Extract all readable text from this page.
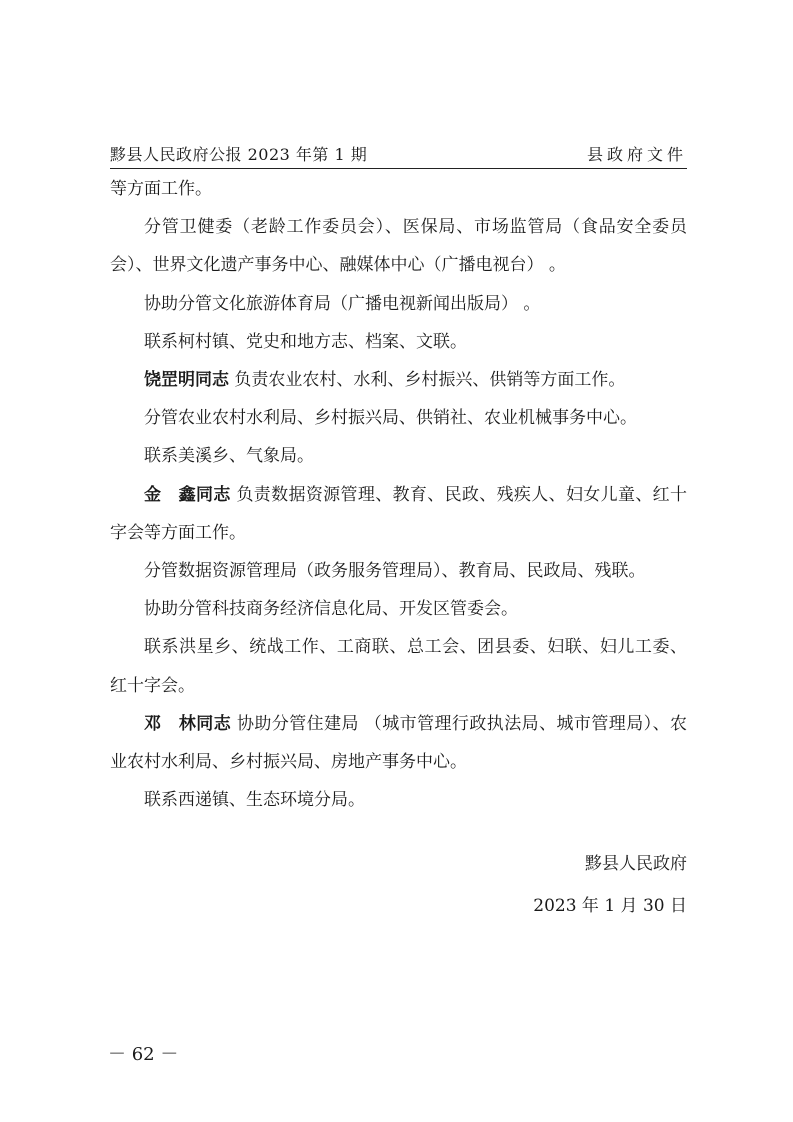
黟县人民政府公报 2023 年第 1 期	县政府文件

等方面工作。

分管卫健委（老龄工作委员会）、医保局、市场监管局（食品安全委员会）、世界文化遗产事务中心、融媒体中心（广播电视台） 。

协助分管文化旅游体育局（广播电视新闻出版局） 。

联系柯村镇、党史和地方志、档案、文联。

饶罡明同志 负责农业农村、水利、乡村振兴、供销等方面工作。

分管农业农村水利局、乡村振兴局、供销社、农业机械事务中心。

联系美溪乡、气象局。

金　鑫同志 负责数据资源管理、教育、民政、残疾人、妇女儿童、红十字会等方面工作。

分管数据资源管理局（政务服务管理局）、教育局、民政局、残联。

协助分管科技商务经济信息化局、开发区管委会。

联系洪星乡、统战工作、工商联、总工会、团县委、妇联、妇儿工委、红十字会。

邓　林同志 协助分管住建局 （城市管理行政执法局、城市管理局）、农业农村水利局、乡村振兴局、房地产事务中心。

联系西递镇、生态环境分局。

黟县人民政府
2023 年 1 月 30 日
－ 62 －
